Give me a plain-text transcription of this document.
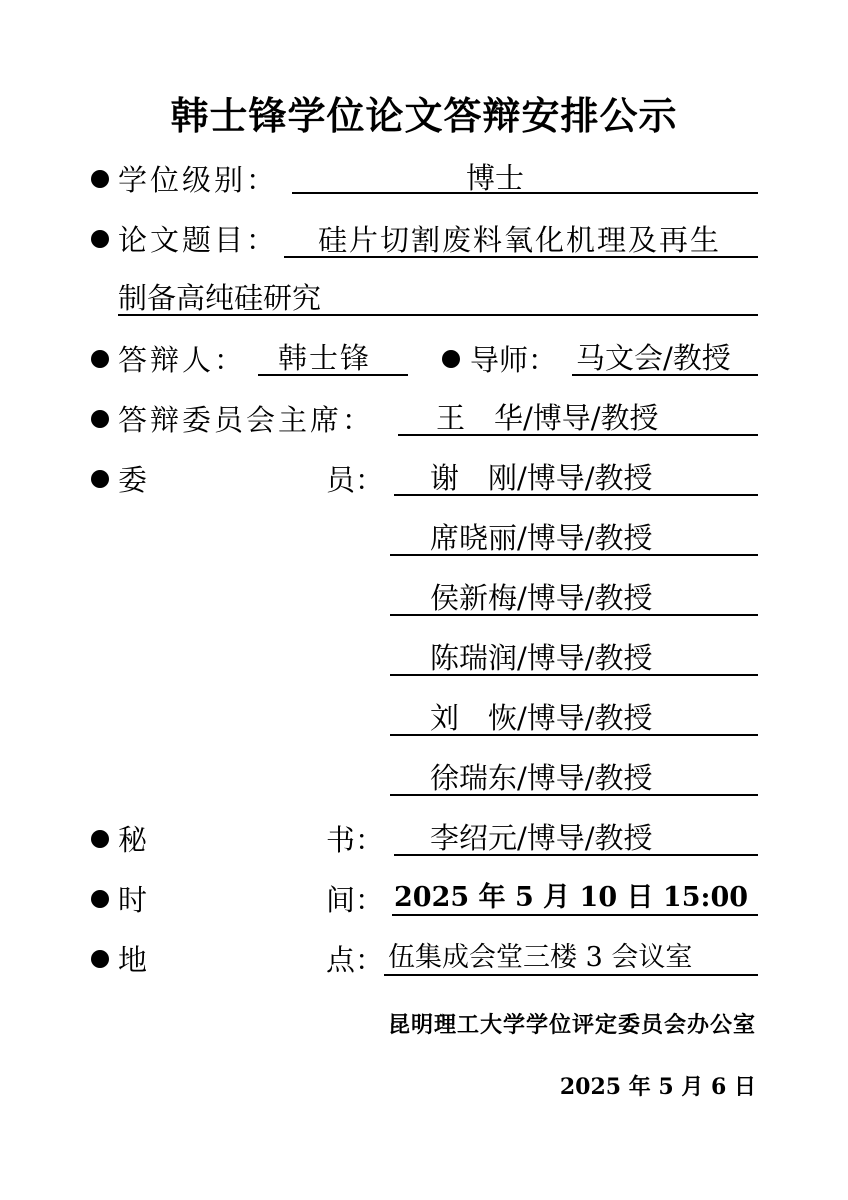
韩士锋学位论文答辩安排公示
学位级别：	博士
论文题目： 硅片切割废料氧化机理及再生
制备高纯硅研究
答辩人： 韩士锋	导师： 马文会/教授
答辩委员会主席： 王　华/博导/教授
委	员： 谢　刚/博导/教授
席晓丽/博导/教授
侯新梅/博导/教授
陈瑞润/博导/教授
刘　恢/博导/教授
徐瑞东/博导/教授
秘	书： 李绍元/博导/教授
时	间： 2025 年 5 月 10 日 15:00
地	点： 伍集成会堂三楼 3 会议室
昆明理工大学学位评定委员会办公室
2025 年 5 月 6 日
